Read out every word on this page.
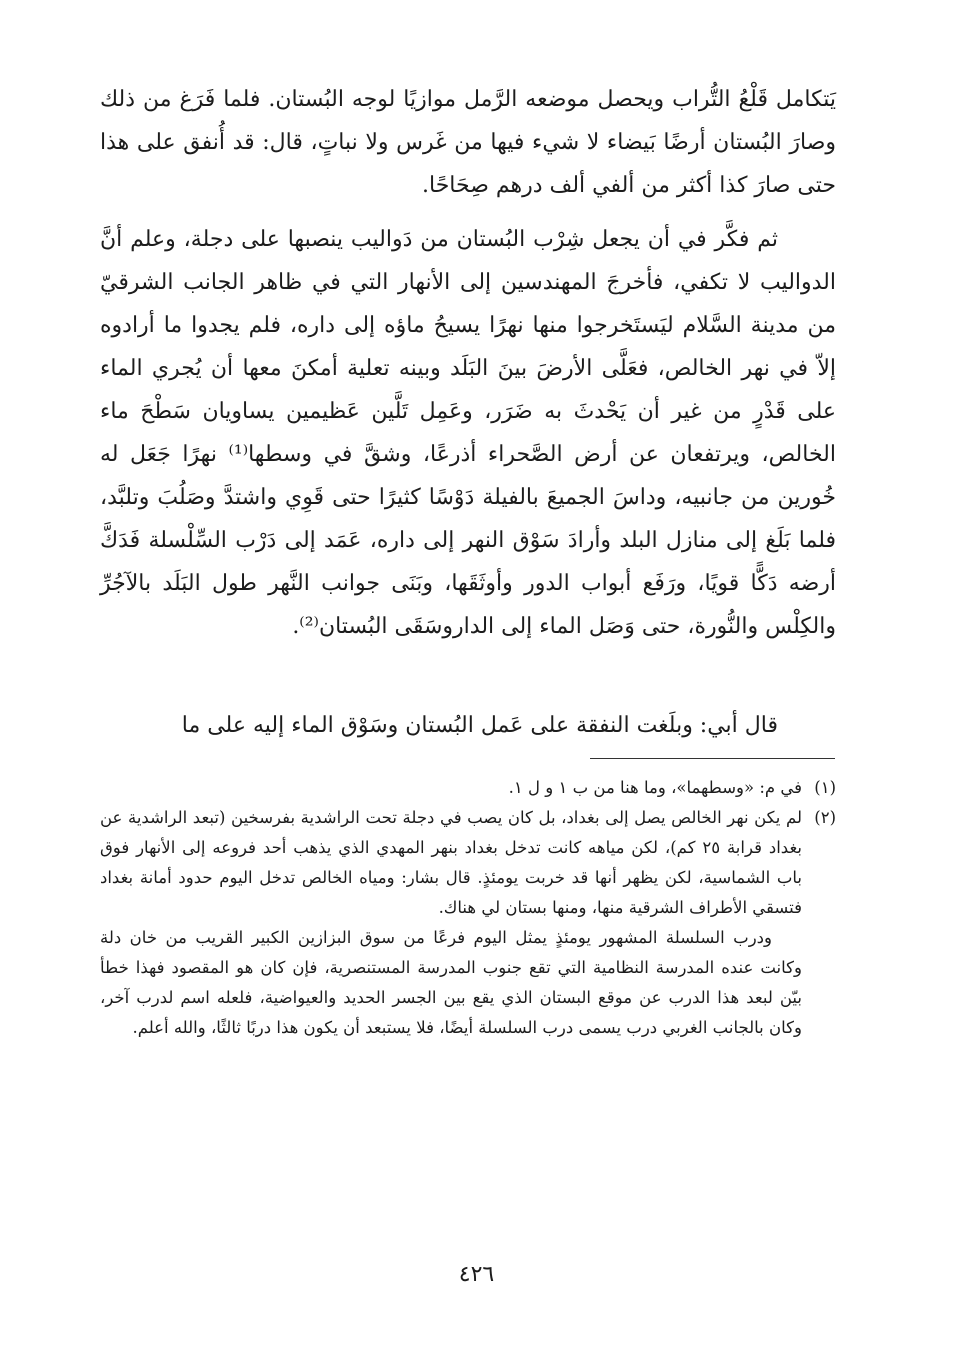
يَتكامل قَلْعُ التُّراب ويحصل موضعه الرَّمل موازيًا لوجه البُستان. فلما فَرَغ من ذلك وصارَ البُستان أرضًا بَيضاء لا شيء فيها من غَرس ولا نباتٍ، قال: قد أُنفق على هذا حتى صارَ كذا أكثر من ألفي ألف درهم صِحَاحًا.

ثم فكَّر في أن يجعل شِرْب البُستان من دَواليب ينصبها على دجلة، وعلم أنَّ الدواليب لا تكفي، فأخرجَ المهندسين إلى الأنهار التي في ظاهر الجانب الشرقيّ من مدينة السَّلام ليَستَخرجوا منها نهرًا يسيحُ ماؤه إلى داره، فلم يجدوا ما أرادوه إلاّ في نهر الخالص، فعَلَّى الأرضَ بينَ البَلَد وبينه تعلية أمكنَ معها أن يُجري الماء على قَدْرٍ من غير أن يَحْدثَ به ضَرَر، وعَمِل تَلَّين عَظيمين يساويان سَطْحَ ماء الخالص، ويرتفعان عن أرض الصَّحراء أذرعًا، وشقَّ في وسطها⁽¹⁾ نهرًا جَعَل له خُورين من جانبيه، وداسَ الجميعَ بالفيلة دَوْسًا كثيرًا حتى قَوِي واشتدَّ وصَلُبَ وتلبَّد، فلما بَلَغ إلى منازل البلد وأرادَ سَوْق النهر إلى داره، عَمَد إلى دَرْب السِّلْسلة فَدَكَّ أرضه دَكًّا قويًا، ورَفَع أبواب الدور وأوثَقَها، وبَنَى جوانب النَّهر طول البَلَد بالآجُرِّ والكِلْس والنُّورة، حتى وَصَل الماء إلى الداروسَقَى البُستان⁽²⁾.

قال أبي: وبلَغت النفقة على عَمل البُستان وسَوْق الماء إليه على ما

(١)
في م: «وسطهما»، وما هنا من ب ١ و ل ١.
(٢)
لم يكن نهر الخالص يصل إلى بغداد، بل كان يصب في دجلة تحت الراشدية بفرسخين (تبعد الراشدية عن بغداد قرابة ٢٥ كم)، لكن مياهه كانت تدخل بغداد بنهر المهدي الذي يذهب أحد فروعه إلى الأنهار فوق باب الشماسية، لكن يظهر أنها قد خربت يومئذٍ. قال بشار: ومياه الخالص تدخل اليوم حدود أمانة بغداد فتسقي الأطراف الشرقية منها، ومنها بستان لي هناك.
ودرب السلسلة المشهور يومئذٍ يمثل اليوم فرعًا من سوق البزازين الكبير القريب من خان دلة وكانت عنده المدرسة النظامية التي تقع جنوب المدرسة المستنصرية، فإن كان هو المقصود فهذا خطأ بيّن لبعد هذا الدرب عن موقع البستان الذي يقع بين الجسر الحديد والعيواضية، فلعله اسم لدرب آخر، وكان بالجانب الغربي درب يسمى درب السلسلة أيضًا، فلا يستبعد أن يكون هذا دربًا ثالثًا، والله أعلم.
٤٢٦
